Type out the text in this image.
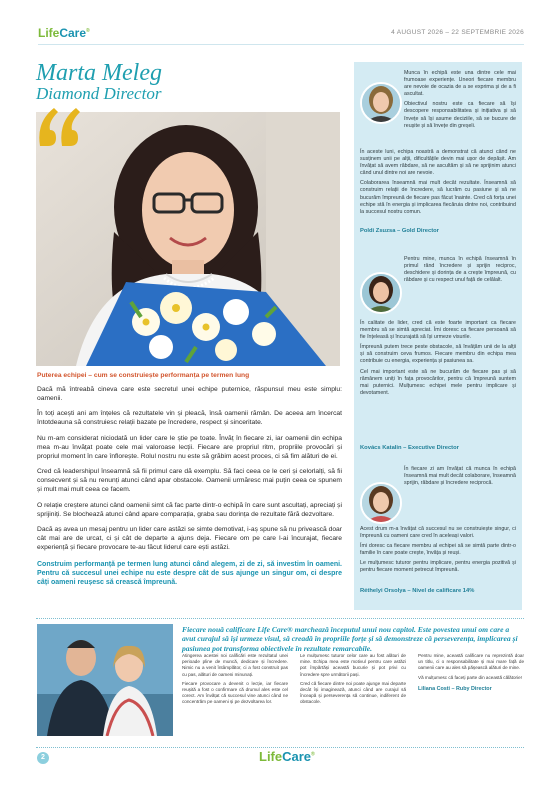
LifeCare®	4 AUGUST 2026 – 22 SEPTEMBRIE 2026
Marta Meleg
Diamond Director

Puterea echipei – cum se construiește performanța pe termen lung

Dacă mă întreabă cineva care este secretul unei echipe puternice, răspunsul meu este simplu: oamenii.

În toți acești ani am înțeles că rezultatele vin și pleacă, însă oamenii rămân. De aceea am încercat întotdeauna să construiesc relații bazate pe încredere, respect și sinceritate.

Nu m-am considerat niciodată un lider care le știe pe toate. Învăț în fiecare zi, iar oamenii din echipa mea m-au învățat poate cele mai valoroase lecții. Fiecare are propriul ritm, propriile provocări și propriul moment în care înflorește. Rolul nostru nu este să grăbim acest proces, ci să fim alături de ei.

Cred că leadershipul înseamnă să fii primul care dă exemplu. Să faci ceea ce le ceri și celorlalți, să fii consecvent și să nu renunți atunci când apar obstacole. Oamenii urmăresc mai puțin ceea ce spunem și mult mai mult ceea ce facem.

O relație creștere atunci când oamenii simt că fac parte dintr-o echipă în care sunt ascultați, apreciați și sprijiniți. Se blochează atunci când apare comparația, graba sau dorința de rezultate fără dezvoltare.

Dacă aș avea un mesaj pentru un lider care astăzi se simte demotivat, i-aș spune să nu privească doar cât mai are de urcat, ci și cât de departe a ajuns deja. Fiecare om pe care l-ai încurajat, fiecare experiență și fiecare provocare te-au făcut liderul care ești astăzi.

Construim performanță pe termen lung atunci când alegem, zi de zi, să investim în oameni. Pentru că succesul unei echipe nu este despre cât de sus ajunge un singur om, ci despre câți oameni reușesc să crească împreună.

Munca în echipă este una dintre cele mai frumoase experiențe. Uneori fiecare membru are nevoie de ocazia de a se exprima și de a fi ascultat.

Obiectivul nostru este ca fiecare să își descopere responsabilitatea și inițiativa și să învețe să își asume deciziile, să se bucure de reușite și să învețe din greșeli.

În aceste luni, echipa noastră a demonstrat că atunci când ne susținem unii pe alții, dificultățile devin mai ușor de depășit. Am învățat să avem răbdare, să ne ascultăm și să ne sprijinim atunci când unul dintre noi are nevoie.

Colaborarea înseamnă mai mult decât rezultate. Înseamnă să construim relații de încredere, să lucrăm cu pasiune și să ne bucurăm împreună de fiecare pas făcut înainte. Cred că forța unei echipe stă în energia și implicarea fiecăruia dintre noi, contribuind la succesul nostru comun.

Poldi Zsuzsa – Gold Director

Pentru mine, munca în echipă înseamnă în primul rând încredere și sprijin reciproc, deschidere și dorința de a crește împreună, cu răbdare și cu respect unul față de celălalt.

În calitate de lider, cred că este foarte important ca fiecare membru să se simtă apreciat. Îmi doresc ca fiecare persoană să fie înțeleasă și încurajată să își urmeze visurile.

Împreună putem trece peste obstacole, să învățăm unii de la alții și să construim ceva frumos. Fiecare membru din echipa mea contribuie cu energia, experiența și pasiunea sa.

Cel mai important este să ne bucurăm de fiecare pas și să rămânem uniți în fața provocărilor, pentru că împreună suntem mai puternici. Mulțumesc echipei mele pentru implicare și devotament.

Kovács Katalin – Executive Director

În fiecare zi am învățat că munca în echipă înseamnă mai mult decât colaborare, înseamnă sprijin, răbdare și încredere reciprocă.

Acest drum m-a învățat că succesul nu se construiește singur, ci împreună cu oameni care cred în aceleași valori.

Îmi doresc ca fiecare membru al echipei să se simtă parte dintr-o familie în care poate crește, învăța și reuși.

Le mulțumesc tuturor pentru implicare, pentru energia pozitivă și pentru fiecare moment petrecut împreună.

Réthelyi Orsolya – Nivel de calificare 14%
Fiecare nouă calificare Life Care® marchează începutul unui nou capitol. Este povestea unui om care a avut curajul să își urmeze visul, să creadă în propriile forțe și să demonstreze că perseverența, implicarea și pasiunea pot transforma obiectivele în rezultate remarcabile.

Atingerea acestei noi calificări este rezultatul unei perioade pline de muncă, dedicare și încredere. Nimic nu a venit întâmplător, ci a fost construit pas cu pas, alături de oameni minunați.

Fiecare provocare a devenit o lecție, iar fiecare reușită a fost o confirmare că drumul ales este cel corect. Am învățat că succesul vine atunci când ne concentrăm pe oameni și pe dezvoltarea lor.

Le mulțumesc tuturor celor care au fost alături de mine. Echipa mea este motivul pentru care astăzi pot împărtăși această bucurie și pot privi cu încredere spre următorii pași.

Cred că fiecare dintre noi poate ajunge mai departe decât își imaginează, atunci când are curajul să înceapă și perseverența să continue, indiferent de obstacole.

Pentru mine, această calificare nu reprezintă doar un titlu, ci o responsabilitate și mai mare față de oamenii care au ales să pășească alături de mine.

Vă mulțumesc că faceți parte din această călătorie!

Liliana Costi – Ruby Director
2	LifeCare®
